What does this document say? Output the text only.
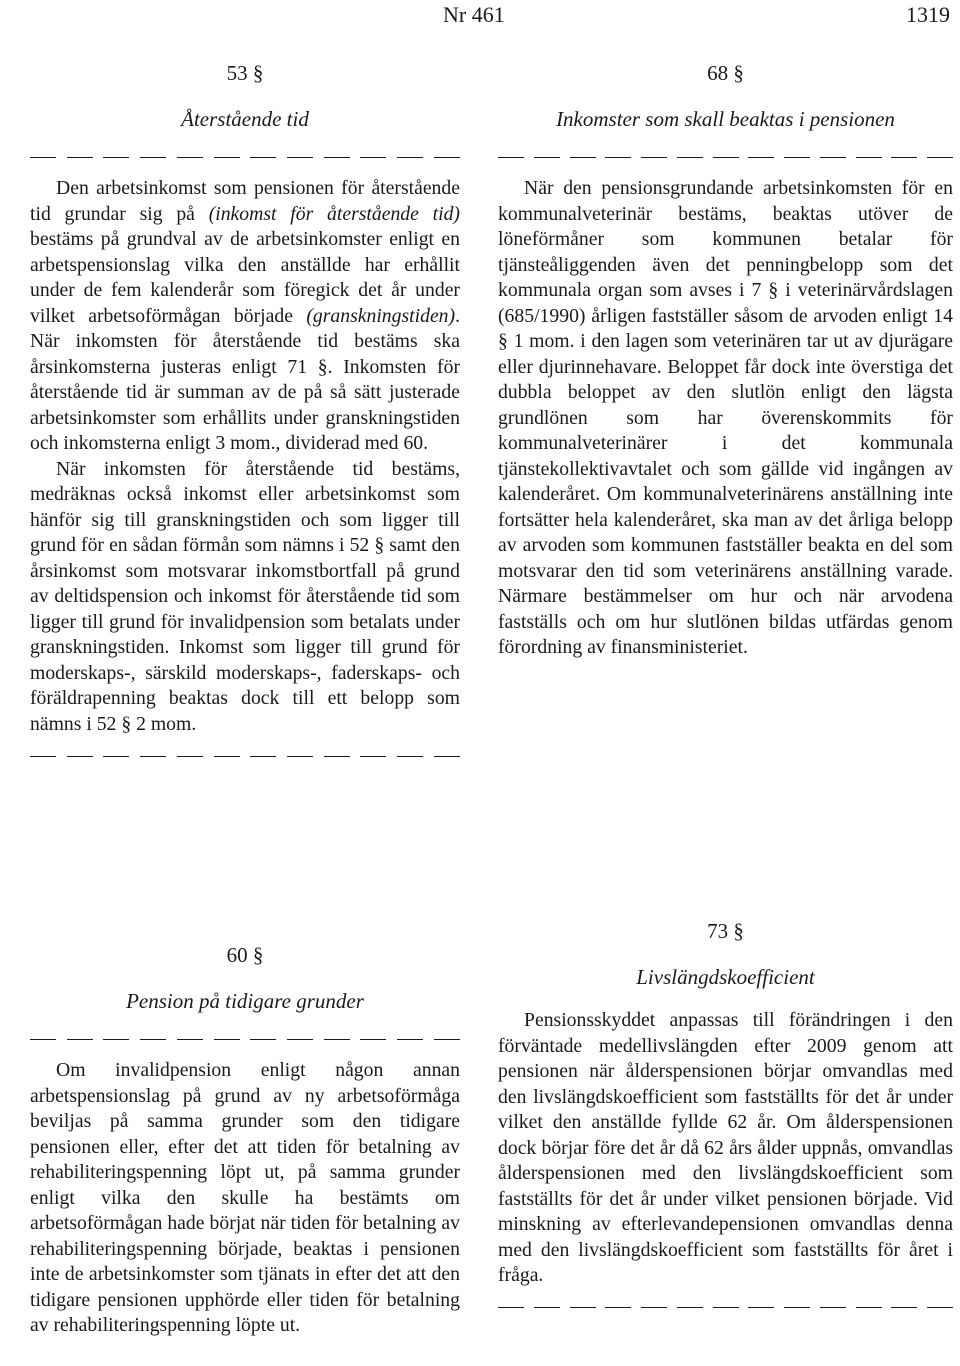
Nr 461	1319
53 §
Återstående tid

Den arbetsinkomst som pensionen för återstående tid grundar sig på (inkomst för återstående tid) bestäms på grundval av de arbetsinkomster enligt en arbetspensionslag vilka den anställde har erhållit under de fem kalenderår som föregick det år under vilket arbetsoförmågan började (granskningstiden). När inkomsten för återstående tid bestäms ska årsinkomsterna justeras enligt 71 §. Inkomsten för återstående tid är summan av de på så sätt justerade arbetsinkomster som erhållits under granskningstiden och inkomsterna enligt 3 mom., dividerad med 60.

När inkomsten för återstående tid bestäms, medräknas också inkomst eller arbetsinkomst som hänför sig till granskningstiden och som ligger till grund för en sådan förmån som nämns i 52 § samt den årsinkomst som motsvarar inkomstbortfall på grund av deltidspension och inkomst för återstående tid som ligger till grund för invalidpension som betalats under granskningstiden. Inkomst som ligger till grund för moderskaps-, särskild moderskaps-, faderskaps- och föräldrapenning beaktas dock till ett belopp som nämns i 52 § 2 mom.

68 §
Inkomster som skall beaktas i pensionen

När den pensionsgrundande arbetsinkomsten för en kommunalveterinär bestäms, beaktas utöver de löneförmåner som kommunen betalar för tjänsteåliggenden även det penningbelopp som det kommunala organ som avses i 7 § i veterinärvårdslagen (685/1990) årligen fastställer såsom de arvoden enligt 14 § 1 mom. i den lagen som veterinären tar ut av djurägare eller djurinnehavare. Beloppet får dock inte överstiga det dubbla beloppet av den slutlön enligt den lägsta grundlönen som har överenskommits för kommunalveterinärer i det kommunala tjänstekollektivavtalet och som gällde vid ingången av kalenderåret. Om kommunalveterinärens anställning inte fortsätter hela kalenderåret, ska man av det årliga belopp av arvoden som kommunen fastställer beakta en del som motsvarar den tid som veterinärens anställning varade. Närmare bestämmelser om hur och när arvodena fastställs och om hur slutlönen bildas utfärdas genom förordning av finansministeriet.

60 §
Pension på tidigare grunder

Om invalidpension enligt någon annan arbetspensionslag på grund av ny arbetsoförmåga beviljas på samma grunder som den tidigare pensionen eller, efter det att tiden för betalning av rehabiliteringspenning löpt ut, på samma grunder enligt vilka den skulle ha bestämts om arbetsoförmågan hade börjat när tiden för betalning av rehabiliteringspenning började, beaktas i pensionen inte de arbetsinkomster som tjänats in efter det att den tidigare pensionen upphörde eller tiden för betalning av rehabiliteringspenning löpte ut.

73 §
Livslängdskoefficient

Pensionsskyddet anpassas till förändringen i den förväntade medellivslängden efter 2009 genom att pensionen när ålderspensionen börjar omvandlas med den livslängdskoefficient som fastställts för det år under vilket den anställde fyllde 62 år. Om ålderspensionen dock börjar före det år då 62 års ålder uppnås, omvandlas ålderspensionen med den livslängdskoefficient som fastställts för det år under vilket pensionen började. Vid minskning av efterlevandepensionen omvandlas denna med den livslängdskoefficient som fastställts för året i fråga.
